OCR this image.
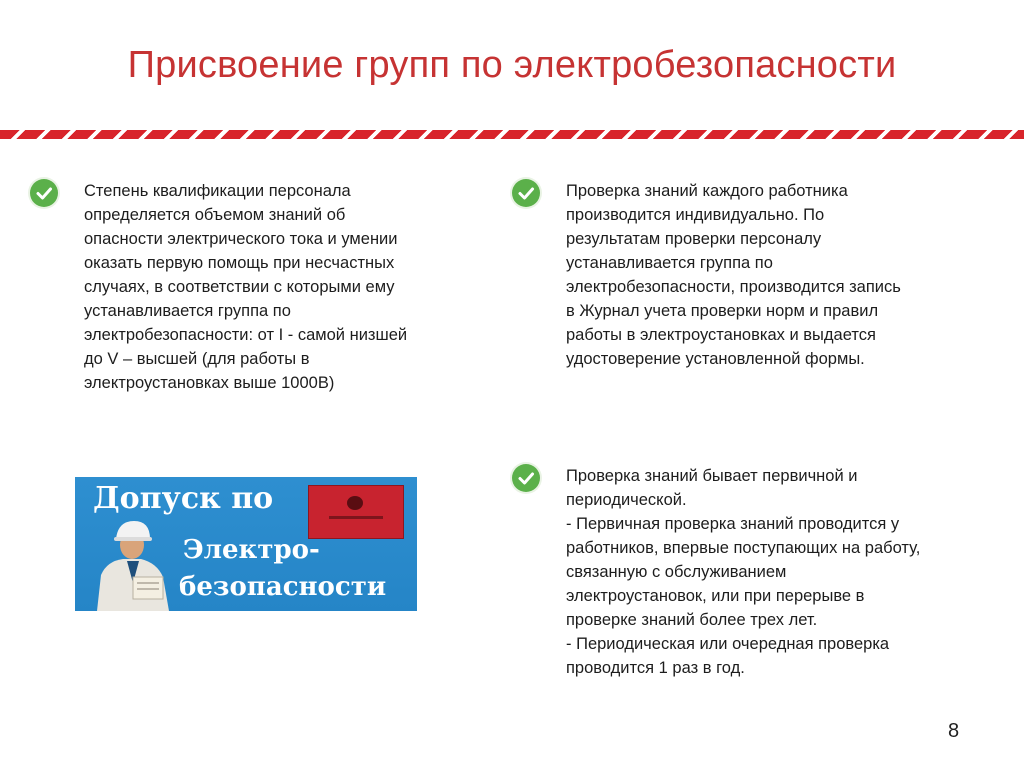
Присвоение групп по электробезопасности
Степень квалификации персонала
определяется объемом знаний об
опасности электрического тока и умении
оказать первую помощь при несчастных
случаях, в соответствии с которыми ему
устанавливается группа по
электробезопасности: от I - самой низшей
до V – высшей (для работы в
электроустановках выше 1000В)
Проверка знаний каждого работника
производится индивидуально. По
результатам проверки персоналу
устанавливается группа по
электробезопасности, производится запись
в Журнал учета проверки норм и правил
работы в электроустановках и выдается
удостоверение установленной формы.
Проверка знаний бывает первичной и
периодической.
- Первичная проверка знаний проводится у
работников, впервые поступающих на работу,
связанную с обслуживанием
электроустановок, или при перерыве в
проверке знаний более трех лет.
- Периодическая или очередная проверка
проводится 1 раз в год.
Допуск по
Электро-
безопасности
8
